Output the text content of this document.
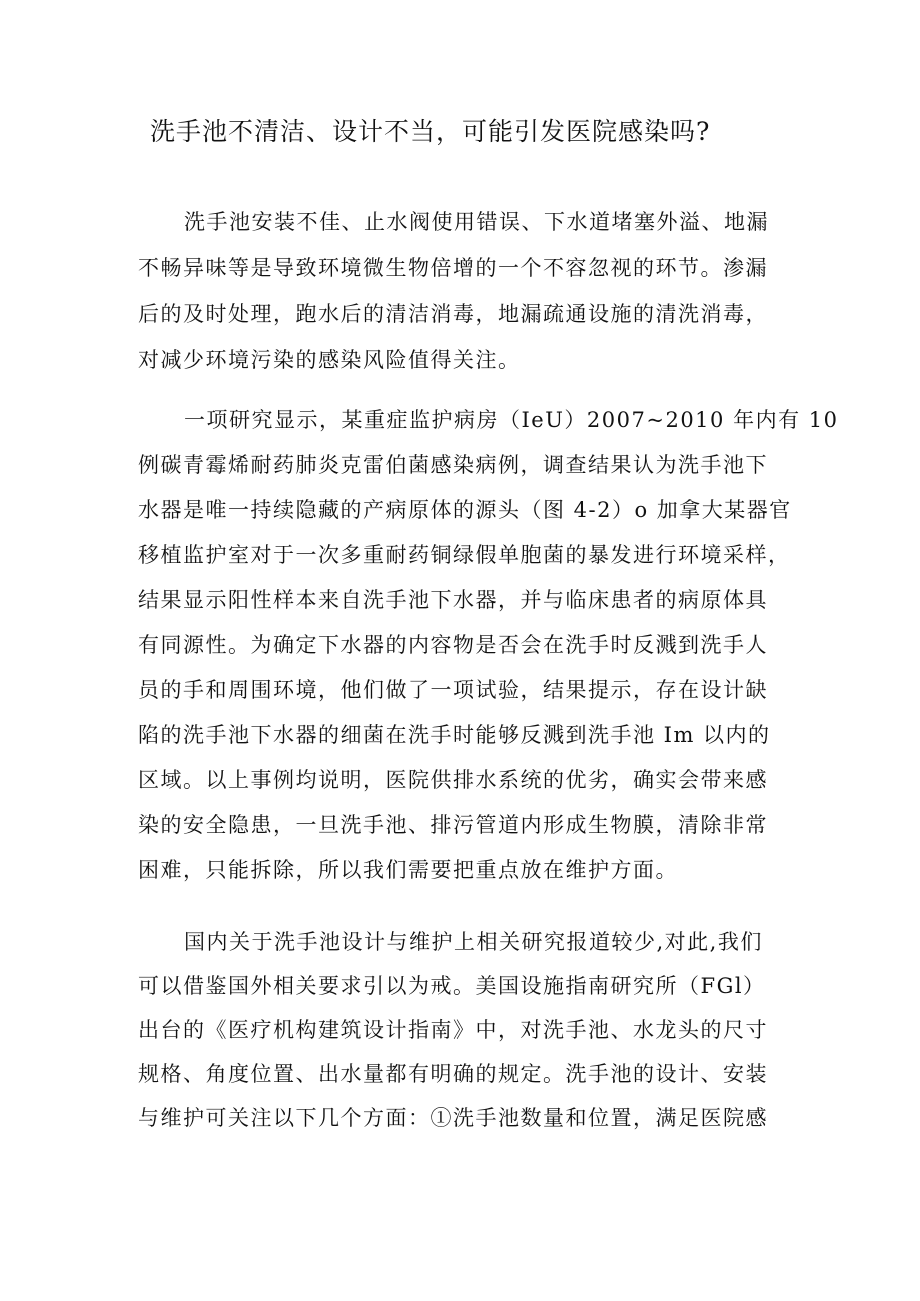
洗手池不清洁、设计不当，可能引发医院感染吗?
洗手池安装不佳、止水阀使用错误、下水道堵塞外溢、地漏
不畅异味等是导致环境微生物倍增的一个不容忽视的环节。渗漏
后的及时处理，跑水后的清洁消毒，地漏疏通设施的清洗消毒，
对减少环境污染的感染风险值得关注。
一项研究显示，某重症监护病房（IeU）2007~2010 年内有 10
例碳青霉烯耐药肺炎克雷伯菌感染病例，调查结果认为洗手池下
水器是唯一持续隐藏的产病原体的源头（图 4-2）o 加拿大某器官
移植监护室对于一次多重耐药铜绿假单胞菌的暴发进行环境采样，
结果显示阳性样本来自洗手池下水器，并与临床患者的病原体具
有同源性。为确定下水器的内容物是否会在洗手时反溅到洗手人
员的手和周围环境，他们做了一项试验，结果提示，存在设计缺
陷的洗手池下水器的细菌在洗手时能够反溅到洗手池 Im 以内的
区域。以上事例均说明，医院供排水系统的优劣，确实会带来感
染的安全隐患，一旦洗手池、排污管道内形成生物膜，清除非常
困难，只能拆除，所以我们需要把重点放在维护方面。
国内关于洗手池设计与维护上相关研究报道较少,对此,我们
可以借鉴国外相关要求引以为戒。美国设施指南研究所（FGl）
出台的《医疗机构建筑设计指南》中，对洗手池、水龙头的尺寸
规格、角度位置、出水量都有明确的规定。洗手池的设计、安装
与维护可关注以下几个方面：①洗手池数量和位置，满足医院感
